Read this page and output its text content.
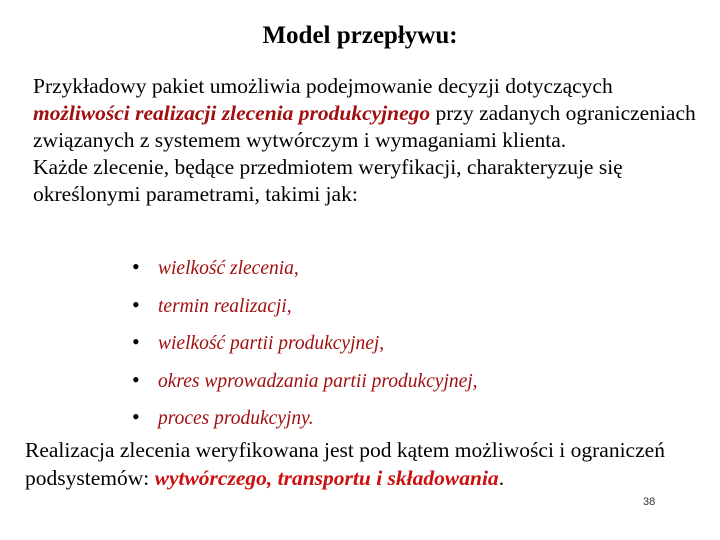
Model przepływu:
Przykładowy pakiet umożliwia podejmowanie decyzji dotyczących możliwości realizacji zlecenia produkcyjnego przy zadanych ograniczeniach związanych z systemem wytwórczym i wymaganiami klienta.
Każde zlecenie, będące przedmiotem weryfikacji, charakteryzuje się określonymi parametrami, takimi jak:
• wielkość zlecenia,
• termin realizacji,
• wielkość partii produkcyjnej,
• okres wprowadzania partii produkcyjnej,
• proces produkcyjny.
Realizacja zlecenia weryfikowana jest pod kątem możliwości i ograniczeń podsystemów: wytwórczego, transportu i składowania.
38
